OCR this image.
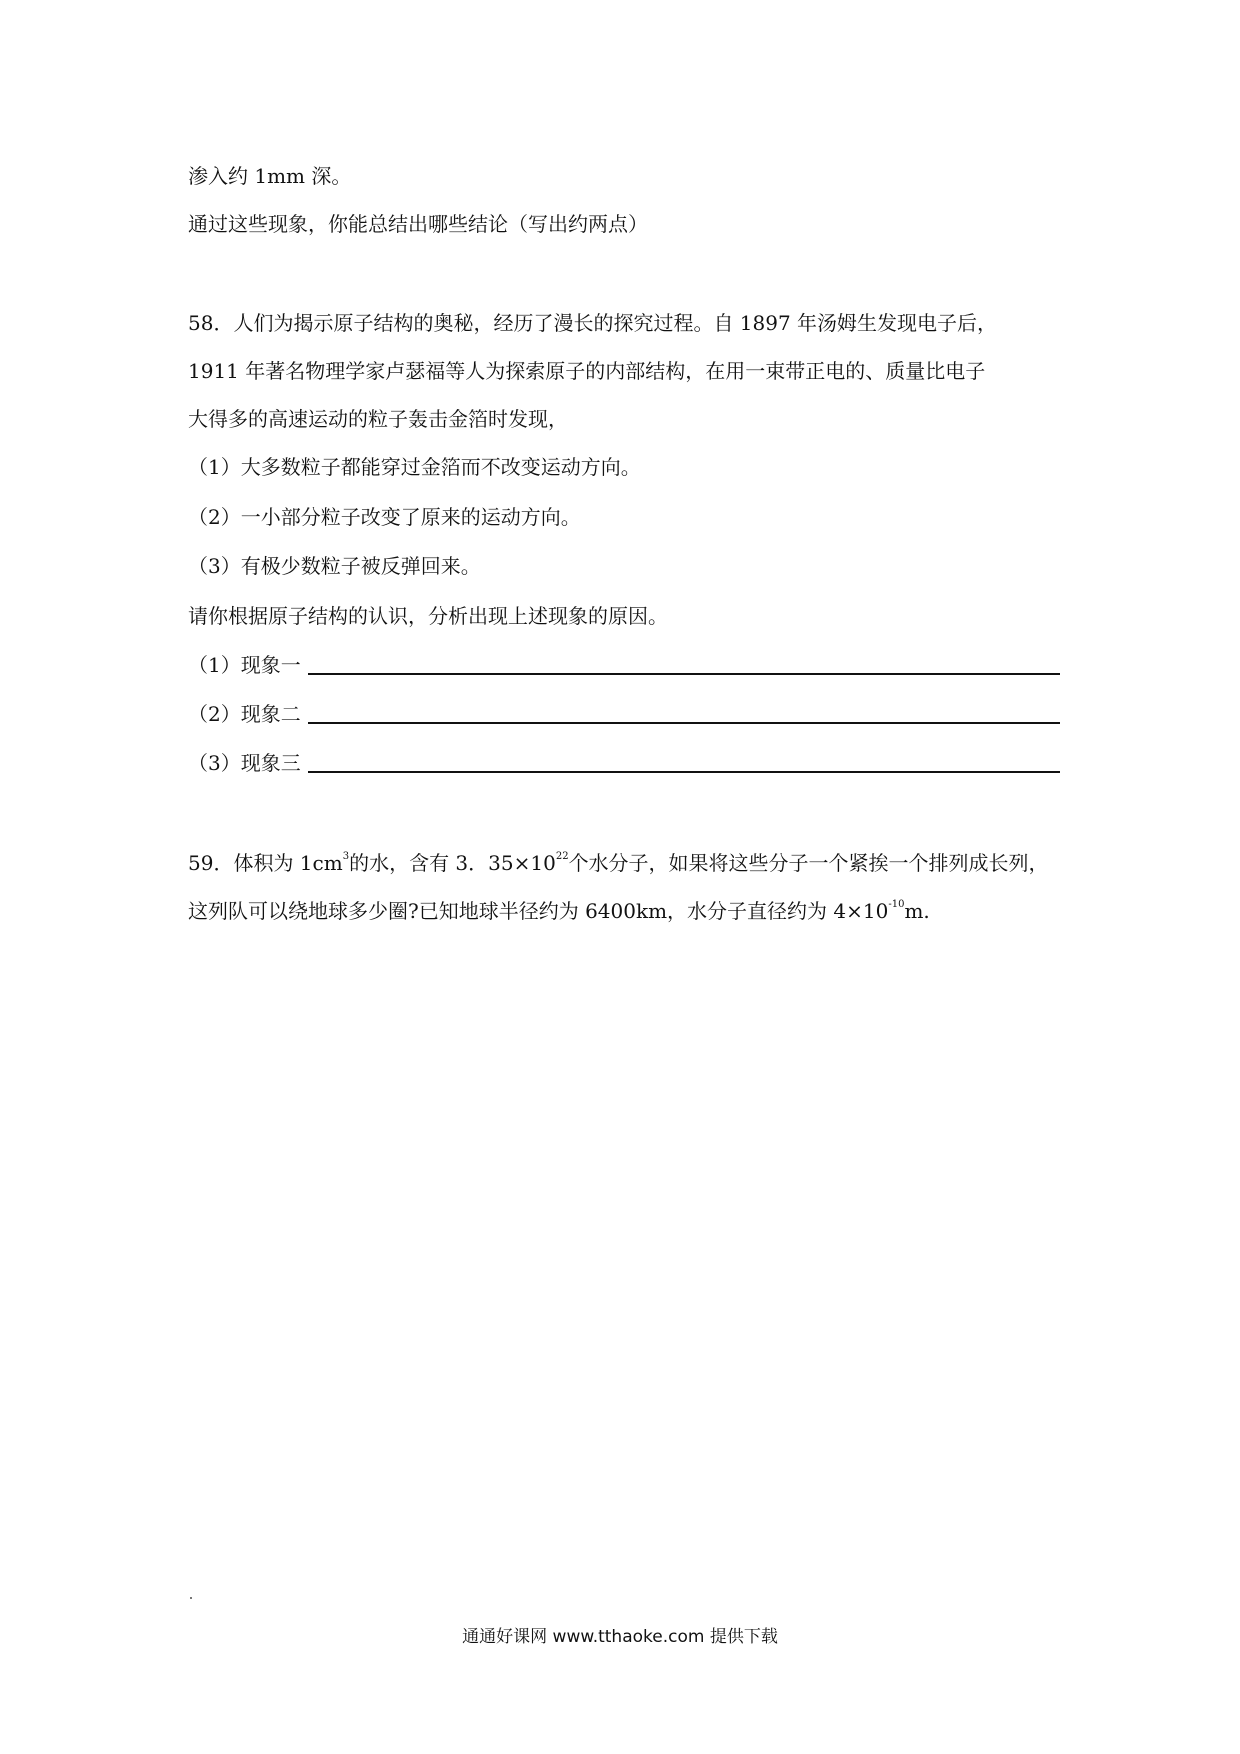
渗入约 1mm 深。
通过这些现象，你能总结出哪些结论（写出约两点）
58．人们为揭示原子结构的奥秘，经历了漫长的探究过程。自 1897 年汤姆生发现电子后，
1911 年著名物理学家卢瑟福等人为探索原子的内部结构，在用一束带正电的、质量比电子
大得多的高速运动的粒子轰击金箔时发现，
（1）大多数粒子都能穿过金箔而不改变运动方向。
（2）一小部分粒子改变了原来的运动方向。
（3）有极少数粒子被反弹回来。
请你根据原子结构的认识，分析出现上述现象的原因。
（1）现象一
（2）现象二
（3）现象三
59．体积为 $1cm^3$的水，含有 3．$35\times 10^{22}$个水分子，如果将这些分子一个紧挨一个排列成长列，
这列队可以绕地球多少圈?已知地球半径约为 6400km，水分子直径约为 $4\times 10^{-10}m$.
通通好课网 www.tthaoke.com 提供下载
